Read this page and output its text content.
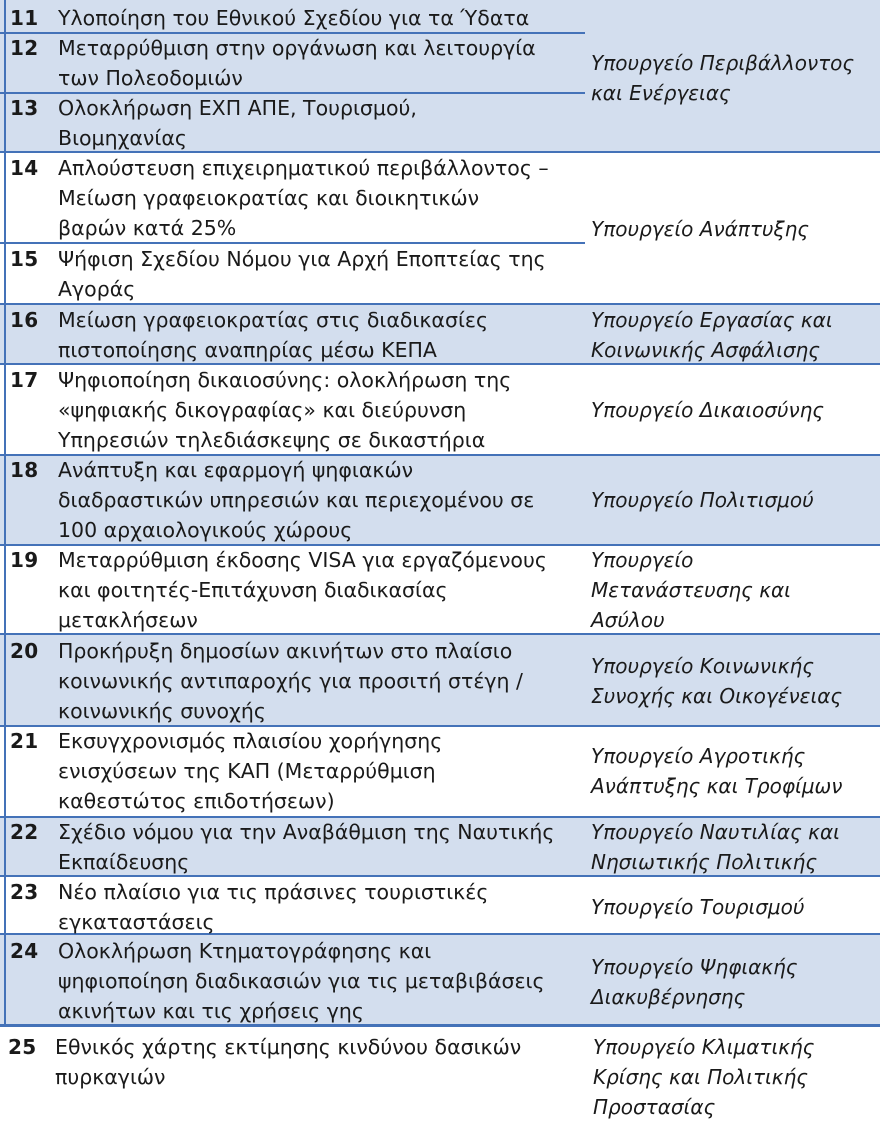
11 Υλοποίηση του Εθνικού Σχεδίου για τα Ύδατα
Υπουργείο Περιβάλλοντος
και Ενέργειας
12 Μεταρρύθμιση στην οργάνωση και λειτουργία
των Πολεοδομιών
13 Ολοκλήρωση ΕΧΠ ΑΠΕ, Τουρισμού,
Βιομηχανίας
14 Απλούστευση επιχειρηματικού περιβάλλοντος –
Μείωση γραφειοκρατίας και διοικητικών
βαρών κατά 25%	Υπουργείο Ανάπτυξης
15 Ψήφιση Σχεδίου Νόμου για Αρχή Εποπτείας της
Αγοράς
16 Μείωση γραφειοκρατίας στις διαδικασίες
πιστοποίησης αναπηρίας μέσω ΚΕΠΑ
Υπουργείο Εργασίας και
Κοινωνικής Ασφάλισης
17 Ψηφιοποίηση δικαιοσύνης: ολοκλήρωση της
«ψηφιακής δικογραφίας» και διεύρυνση
Υπηρεσιών τηλεδιάσκεψης σε δικαστήρια
Υπουργείο Δικαιοσύνης
18 Ανάπτυξη και εφαρμογή ψηφιακών
διαδραστικών υπηρεσιών και περιεχομένου σε
100 αρχαιολογικούς χώρους
Υπουργείο Πολιτισμού
19 Μεταρρύθμιση έκδοσης VISA για εργαζόμενους
και φοιτητές-Επιτάχυνση διαδικασίας
μετακλήσεων
Υπουργείο
Μετανάστευσης και
Ασύλου
20 Προκήρυξη δημοσίων ακινήτων στο πλαίσιο
κοινωνικής αντιπαροχής για προσιτή στέγη /
κοινωνικής συνοχής
Υπουργείο Κοινωνικής
Συνοχής και Οικογένειας
21 Εκσυγχρονισμός πλαισίου χορήγησης
ενισχύσεων της ΚΑΠ (Μεταρρύθμιση
καθεστώτος επιδοτήσεων)
Υπουργείο Αγροτικής
Ανάπτυξης και Τροφίμων
22 Σχέδιο νόμου για την Αναβάθμιση της Ναυτικής
Εκπαίδευσης
Υπουργείο Ναυτιλίας και
Νησιωτικής Πολιτικής
23 Νέο πλαίσιο για τις πράσινες τουριστικές
εγκαταστάσεις
Υπουργείο Τουρισμού
24 Ολοκλήρωση Κτηματογράφησης και
ψηφιοποίηση διαδικασιών για τις μεταβιβάσεις
ακινήτων και τις χρήσεις γης
Υπουργείο Ψηφιακής
Διακυβέρνησης
25 Εθνικός χάρτης εκτίμησης κινδύνου δασικών
πυρκαγιών
Υπουργείο Κλιματικής
Κρίσης και Πολιτικής
Προστασίας
